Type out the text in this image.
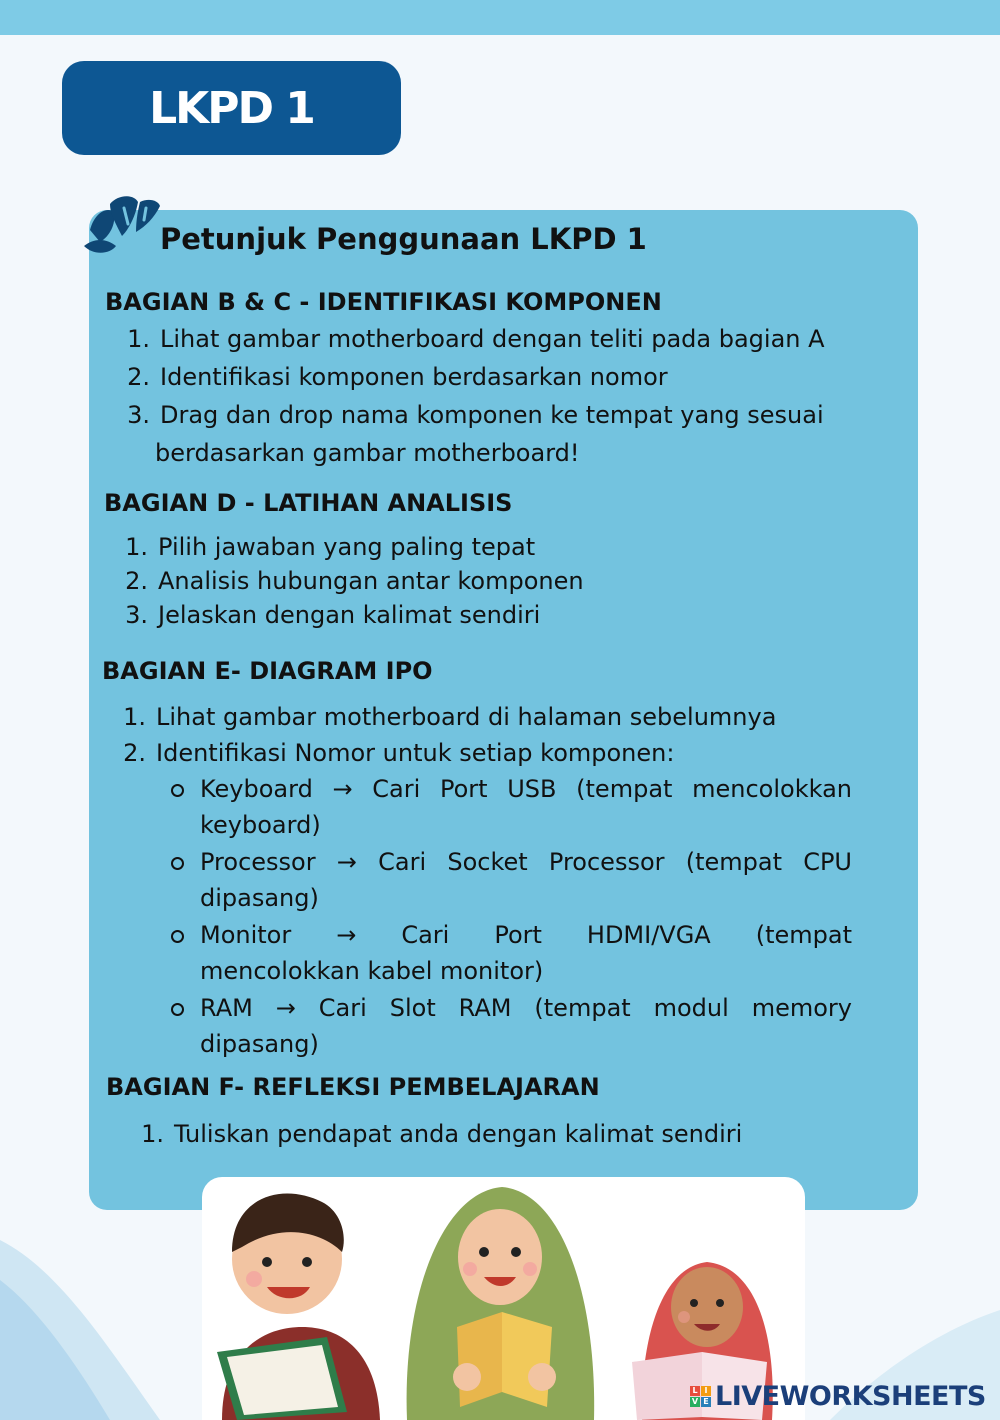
LKPD 1
Petunjuk Penggunaan LKPD 1
BAGIAN B & C - IDENTIFIKASI KOMPONEN
1. Lihat gambar motherboard dengan teliti pada bagian A
2. Identifikasi komponen berdasarkan nomor
3. Drag dan drop nama komponen ke tempat yang sesuai
berdasarkan gambar motherboard!
BAGIAN D - LATIHAN ANALISIS
1. Pilih jawaban yang paling tepat
2. Analisis hubungan antar komponen
3. Jelaskan dengan kalimat sendiri
BAGIAN E- DIAGRAM IPO
1. Lihat gambar motherboard di halaman sebelumnya
2. Identifikasi Nomor untuk setiap komponen:
Keyboard → Cari Port USB (tempat mencolokkan
keyboard)
Processor → Cari Socket Processor (tempat CPU
dipasang)
Monitor → Cari Port HDMI/VGA (tempat
mencolokkan kabel monitor)
RAM → Cari Slot RAM (tempat modul memory
dipasang)
BAGIAN F- REFLEKSI PEMBELAJARAN
1. Tuliskan pendapat anda dengan kalimat sendiri
L I
V E LIVEWORKSHEETS
